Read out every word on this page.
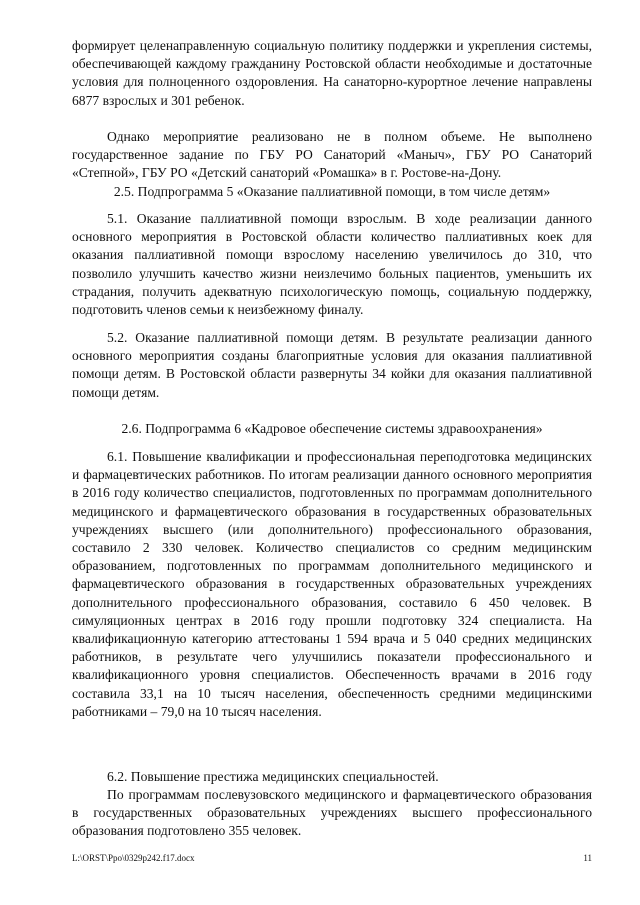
формирует целенаправленную социальную политику поддержки и укрепления системы, обеспечивающей каждому гражданину Ростовской области необходимые и достаточные условия для полноценного оздоровления. На санаторно-курортное лечение направлены 6877 взрослых и 301 ребенок.

Однако мероприятие реализовано не в полном объеме. Не выполнено государственное задание по ГБУ РО Санаторий «Маныч», ГБУ РО Санаторий «Степной», ГБУ РО «Детский санаторий «Ромашка» в г. Ростове-на-Дону.

2.5. Подпрограмма 5 «Оказание паллиативной помощи, в том числе детям»

5.1. Оказание паллиативной помощи взрослым. В ходе реализации данного основного мероприятия в Ростовской области количество паллиативных коек для оказания паллиативной помощи взрослому населению увеличилось до 310, что позволило улучшить качество жизни неизлечимо больных пациентов, уменьшить их страдания, получить адекватную психологическую помощь, социальную поддержку, подготовить членов семьи к неизбежному финалу.

5.2. Оказание паллиативной помощи детям. В результате реализации данного основного мероприятия созданы благоприятные условия для оказания паллиативной помощи детям. В Ростовской области развернуты 34 койки для оказания паллиативной помощи детям.

2.6. Подпрограмма 6 «Кадровое обеспечение системы здравоохранения»

6.1. Повышение квалификации и профессиональная переподготовка медицинских и фармацевтических работников. По итогам реализации данного основного мероприятия в 2016 году количество специалистов, подготовленных по программам дополнительного медицинского и фармацевтического образования в государственных образовательных учреждениях высшего (или дополнительного) профессионального образования, составило 2 330 человек. Количество специалистов со средним медицинским образованием, подготовленных по программам дополнительного медицинского и фармацевтического образования в государственных образовательных учреждениях дополнительного профессионального образования, составило 6 450 человек. В симуляционных центрах в 2016 году прошли подготовку 324 специалиста. На квалификационную категорию аттестованы 1 594 врача и 5 040 средних медицинских работников, в результате чего улучшились показатели профессионального и квалификационного уровня специалистов. Обеспеченность врачами в 2016 году составила 33,1 на 10 тысяч населения, обеспеченность средними медицинскими работниками – 79,0 на 10 тысяч населения.

6.2. Повышение престижа медицинских специальностей.

По программам послевузовского медицинского и фармацевтического образования в государственных образовательных учреждениях высшего профессионального образования подготовлено 355 человек.

L:\ORST\Ppo\0329p242.f17.docx	11
